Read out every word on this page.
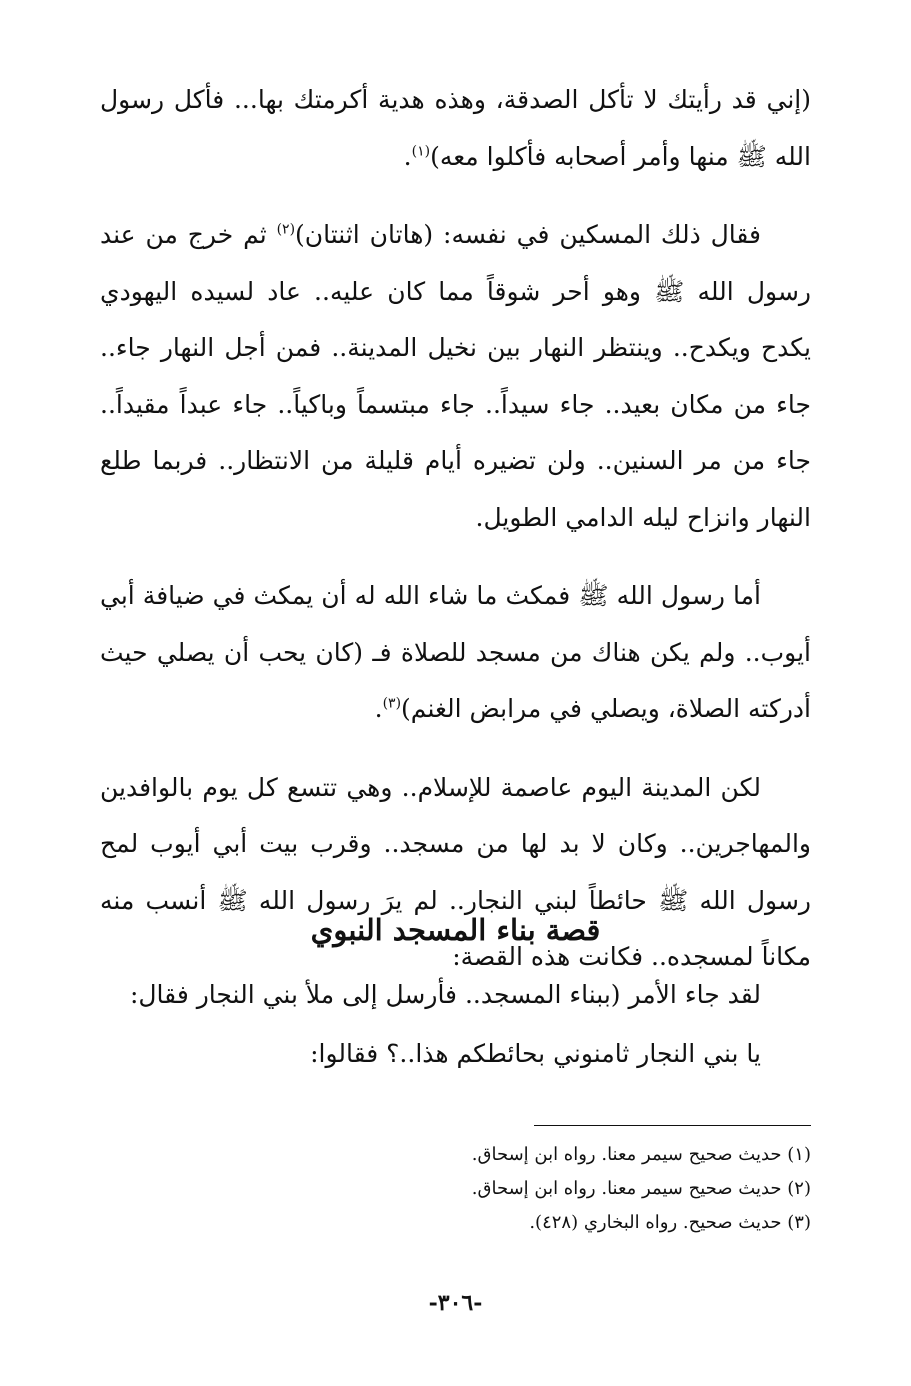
(إني قد رأيتك لا تأكل الصدقة، وهذه هدية أكرمتك بها... فأكل رسول الله ﷺ منها وأمر أصحابه فأكلوا معه)$^{(١)}$.

فقال ذلك المسكين في نفسه: (هاتان اثنتان)$^{(٢)}$ ثم خرج من عند رسول الله ﷺ وهو أحر شوقاً مما كان عليه.. عاد لسيده اليهودي يكدح ويكدح.. وينتظر النهار بين نخيل المدينة.. فمن أجل النهار جاء.. جاء من مكان بعيد.. جاء سيداً.. جاء مبتسماً وباكياً.. جاء عبداً مقيداً.. جاء من مر السنين.. ولن تضيره أيام قليلة من الانتظار.. فربما طلع النهار وانزاح ليله الدامي الطويل.

أما رسول الله ﷺ فمكث ما شاء الله له أن يمكث في ضيافة أبي أيوب.. ولم يكن هناك من مسجد للصلاة فـ (كان يحب أن يصلي حيث أدركته الصلاة، ويصلي في مرابض الغنم)$^{(٣)}$.

لكن المدينة اليوم عاصمة للإسلام.. وهي تتسع كل يوم بالوافدين والمهاجرين.. وكان لا بد لها من مسجد.. وقرب بيت أبي أيوب لمح رسول الله ﷺ حائطاً لبني النجار.. لم يرَ رسول الله ﷺ أنسب منه مكاناً لمسجده.. فكانت هذه القصة:

قصة بناء المسجد النبوي

لقد جاء الأمر (ببناء المسجد.. فأرسل إلى ملأ بني النجار فقال:

يا بني النجار ثامنوني بحائطكم هذا..؟ فقالوا:

(١) حديث صحيح سيمر معنا. رواه ابن إسحاق.
(٢) حديث صحيح سيمر معنا. رواه ابن إسحاق.
(٣) حديث صحيح. رواه البخاري (٤٢٨).
-٣٠٦-
